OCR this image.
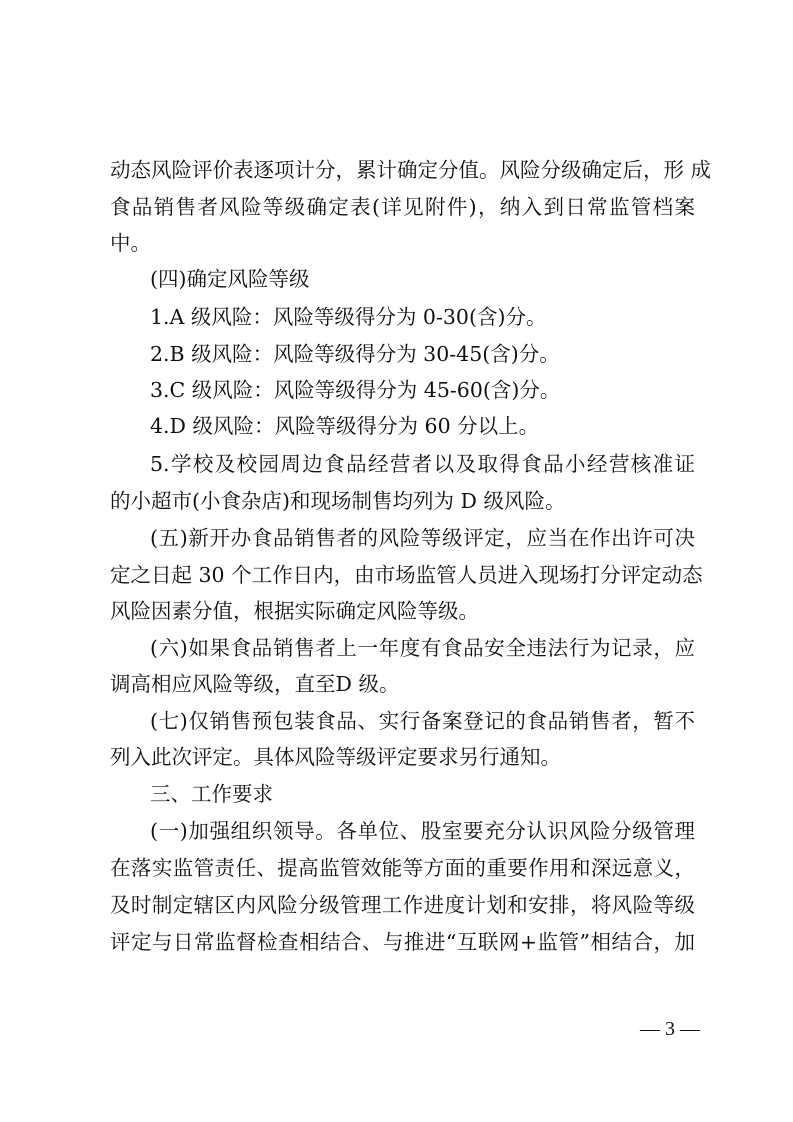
动态风险评价表逐项计分，累计确定分值。风险分级确定后，形 成
食品销售者风险等级确定表(详见附件)，纳入到日常监管档案
中。
(四)确定风险等级
1.A 级风险：风险等级得分为 0-30(含)分。
2.B 级风险：风险等级得分为 30-45(含)分。
3.C 级风险：风险等级得分为 45-60(含)分。
4.D 级风险：风险等级得分为 60 分以上。
5.学校及校园周边食品经营者以及取得食品小经营核准证
的小超市(小食杂店)和现场制售均列为 D 级风险。
(五)新开办食品销售者的风险等级评定，应当在作出许可决
定之日起 30 个工作日内，由市场监管人员进入现场打分评定动态
风险因素分值，根据实际确定风险等级。
(六)如果食品销售者上一年度有食品安全违法行为记录，应
调高相应风险等级，直至D 级。
(七)仅销售预包装食品、实行备案登记的食品销售者，暂不
列入此次评定。具体风险等级评定要求另行通知。
三、工作要求
(一)加强组织领导。各单位、股室要充分认识风险分级管理
在落实监管责任、提高监管效能等方面的重要作用和深远意义，
及时制定辖区内风险分级管理工作进度计划和安排，将风险等级
评定与日常监督检查相结合、与推进“互联网+监管”相结合，加
— 3 —
